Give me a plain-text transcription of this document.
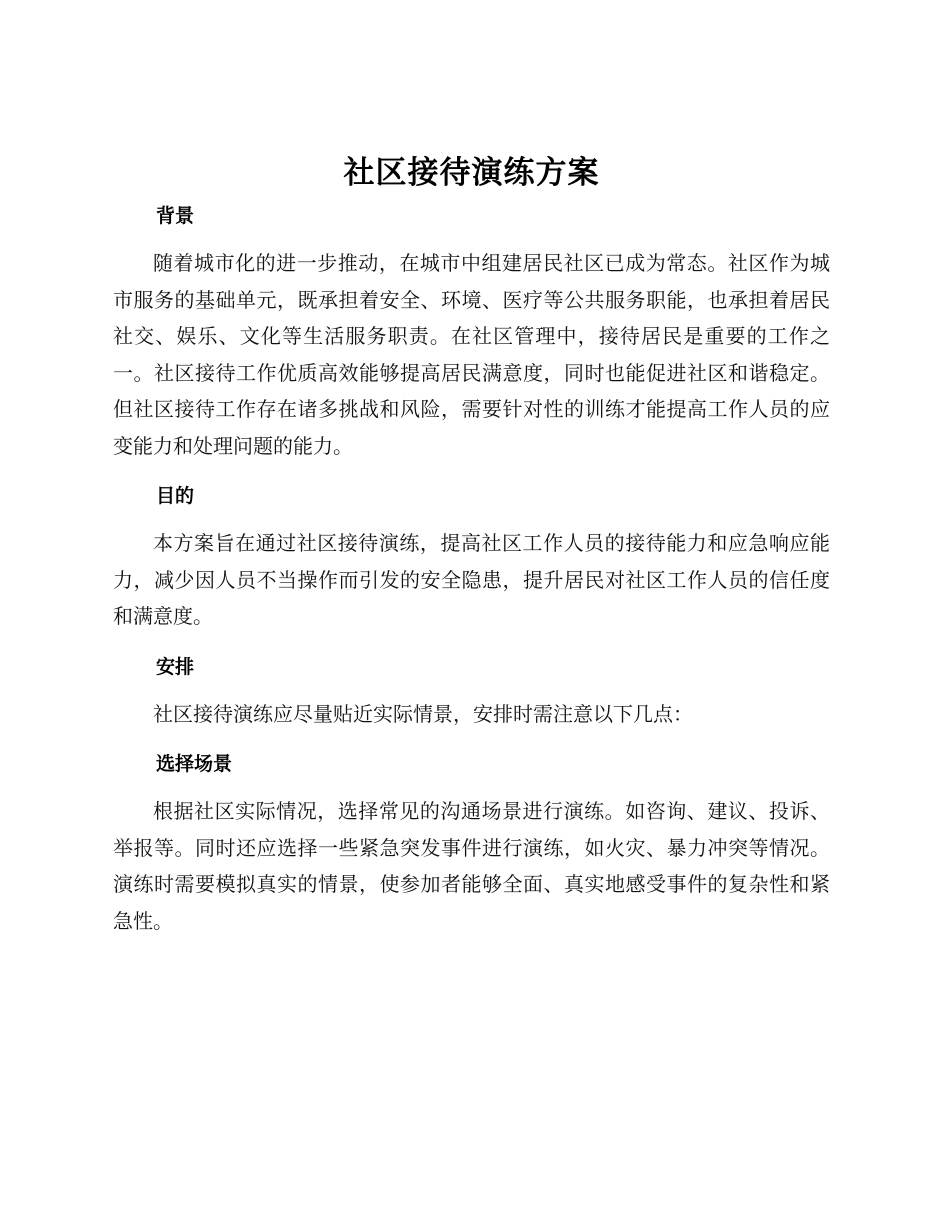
社区接待演练方案
背景

随着城市化的进一步推动，在城市中组建居民社区已成为常态。社区作为城市服务的基础单元，既承担着安全、环境、医疗等公共服务职能，也承担着居民社交、娱乐、文化等生活服务职责。在社区管理中，接待居民是重要的工作之一。社区接待工作优质高效能够提高居民满意度，同时也能促进社区和谐稳定。但社区接待工作存在诸多挑战和风险，需要针对性的训练才能提高工作人员的应变能力和处理问题的能力。

目的

本方案旨在通过社区接待演练，提高社区工作人员的接待能力和应急响应能力，减少因人员不当操作而引发的安全隐患，提升居民对社区工作人员的信任度和满意度。

安排

社区接待演练应尽量贴近实际情景，安排时需注意以下几点：

选择场景

根据社区实际情况，选择常见的沟通场景进行演练。如咨询、建议、投诉、举报等。同时还应选择一些紧急突发事件进行演练，如火灾、暴力冲突等情况。演练时需要模拟真实的情景，使参加者能够全面、真实地感受事件的复杂性和紧急性。
